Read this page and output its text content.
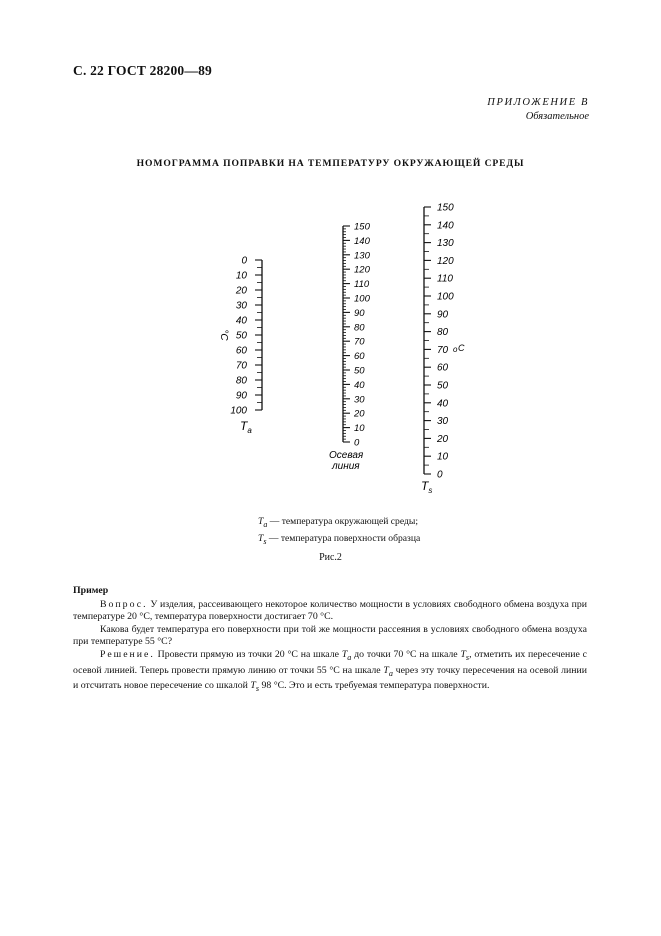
С. 22 ГОСТ 28200—89
ПРИЛОЖЕНИЕ В
Обязательное
НОМОГРАММА ПОПРАВКИ НА ТЕМПЕРАТУРУ ОКРУЖАЮЩЕЙ СРЕДЫ
0
10
20
30
40
50
60
70
80
90
100
°C
$T_a$
150
140
130
120
110
100
90
80
70
60
50
40
30
20
10
0
Осевая
линия
150
140
130
120
110
100
90
80
70
60
50
40
30
20
10
0
o C
$T_s$
$T_a$ — температура окружающей среды;
$T_s$ — температура поверхности образца
Рис.2

Пример

Вопрос. У изделия, рассеивающего некоторое количество мощности в условиях свободного обмена воздуха при температуре 20 °С, температура поверхности достигает 70 °С.

Какова будет температура его поверхности при той же мощности рассеяния в условиях свободного обмена воздуха при температуре 55 °С?

Решение. Провести прямую из точки 20 °С на шкале $T_a$ до точки 70 °С на шкале $T_s$, отметить их пересечение с осевой линией. Теперь провести прямую линию от точки 55 °С на шкале $T_a$ через эту точку пересечения на осевой линии и отсчитать новое пересечение со шкалой $T_s$ 98 °С. Это и есть требуемая температура поверхности.
